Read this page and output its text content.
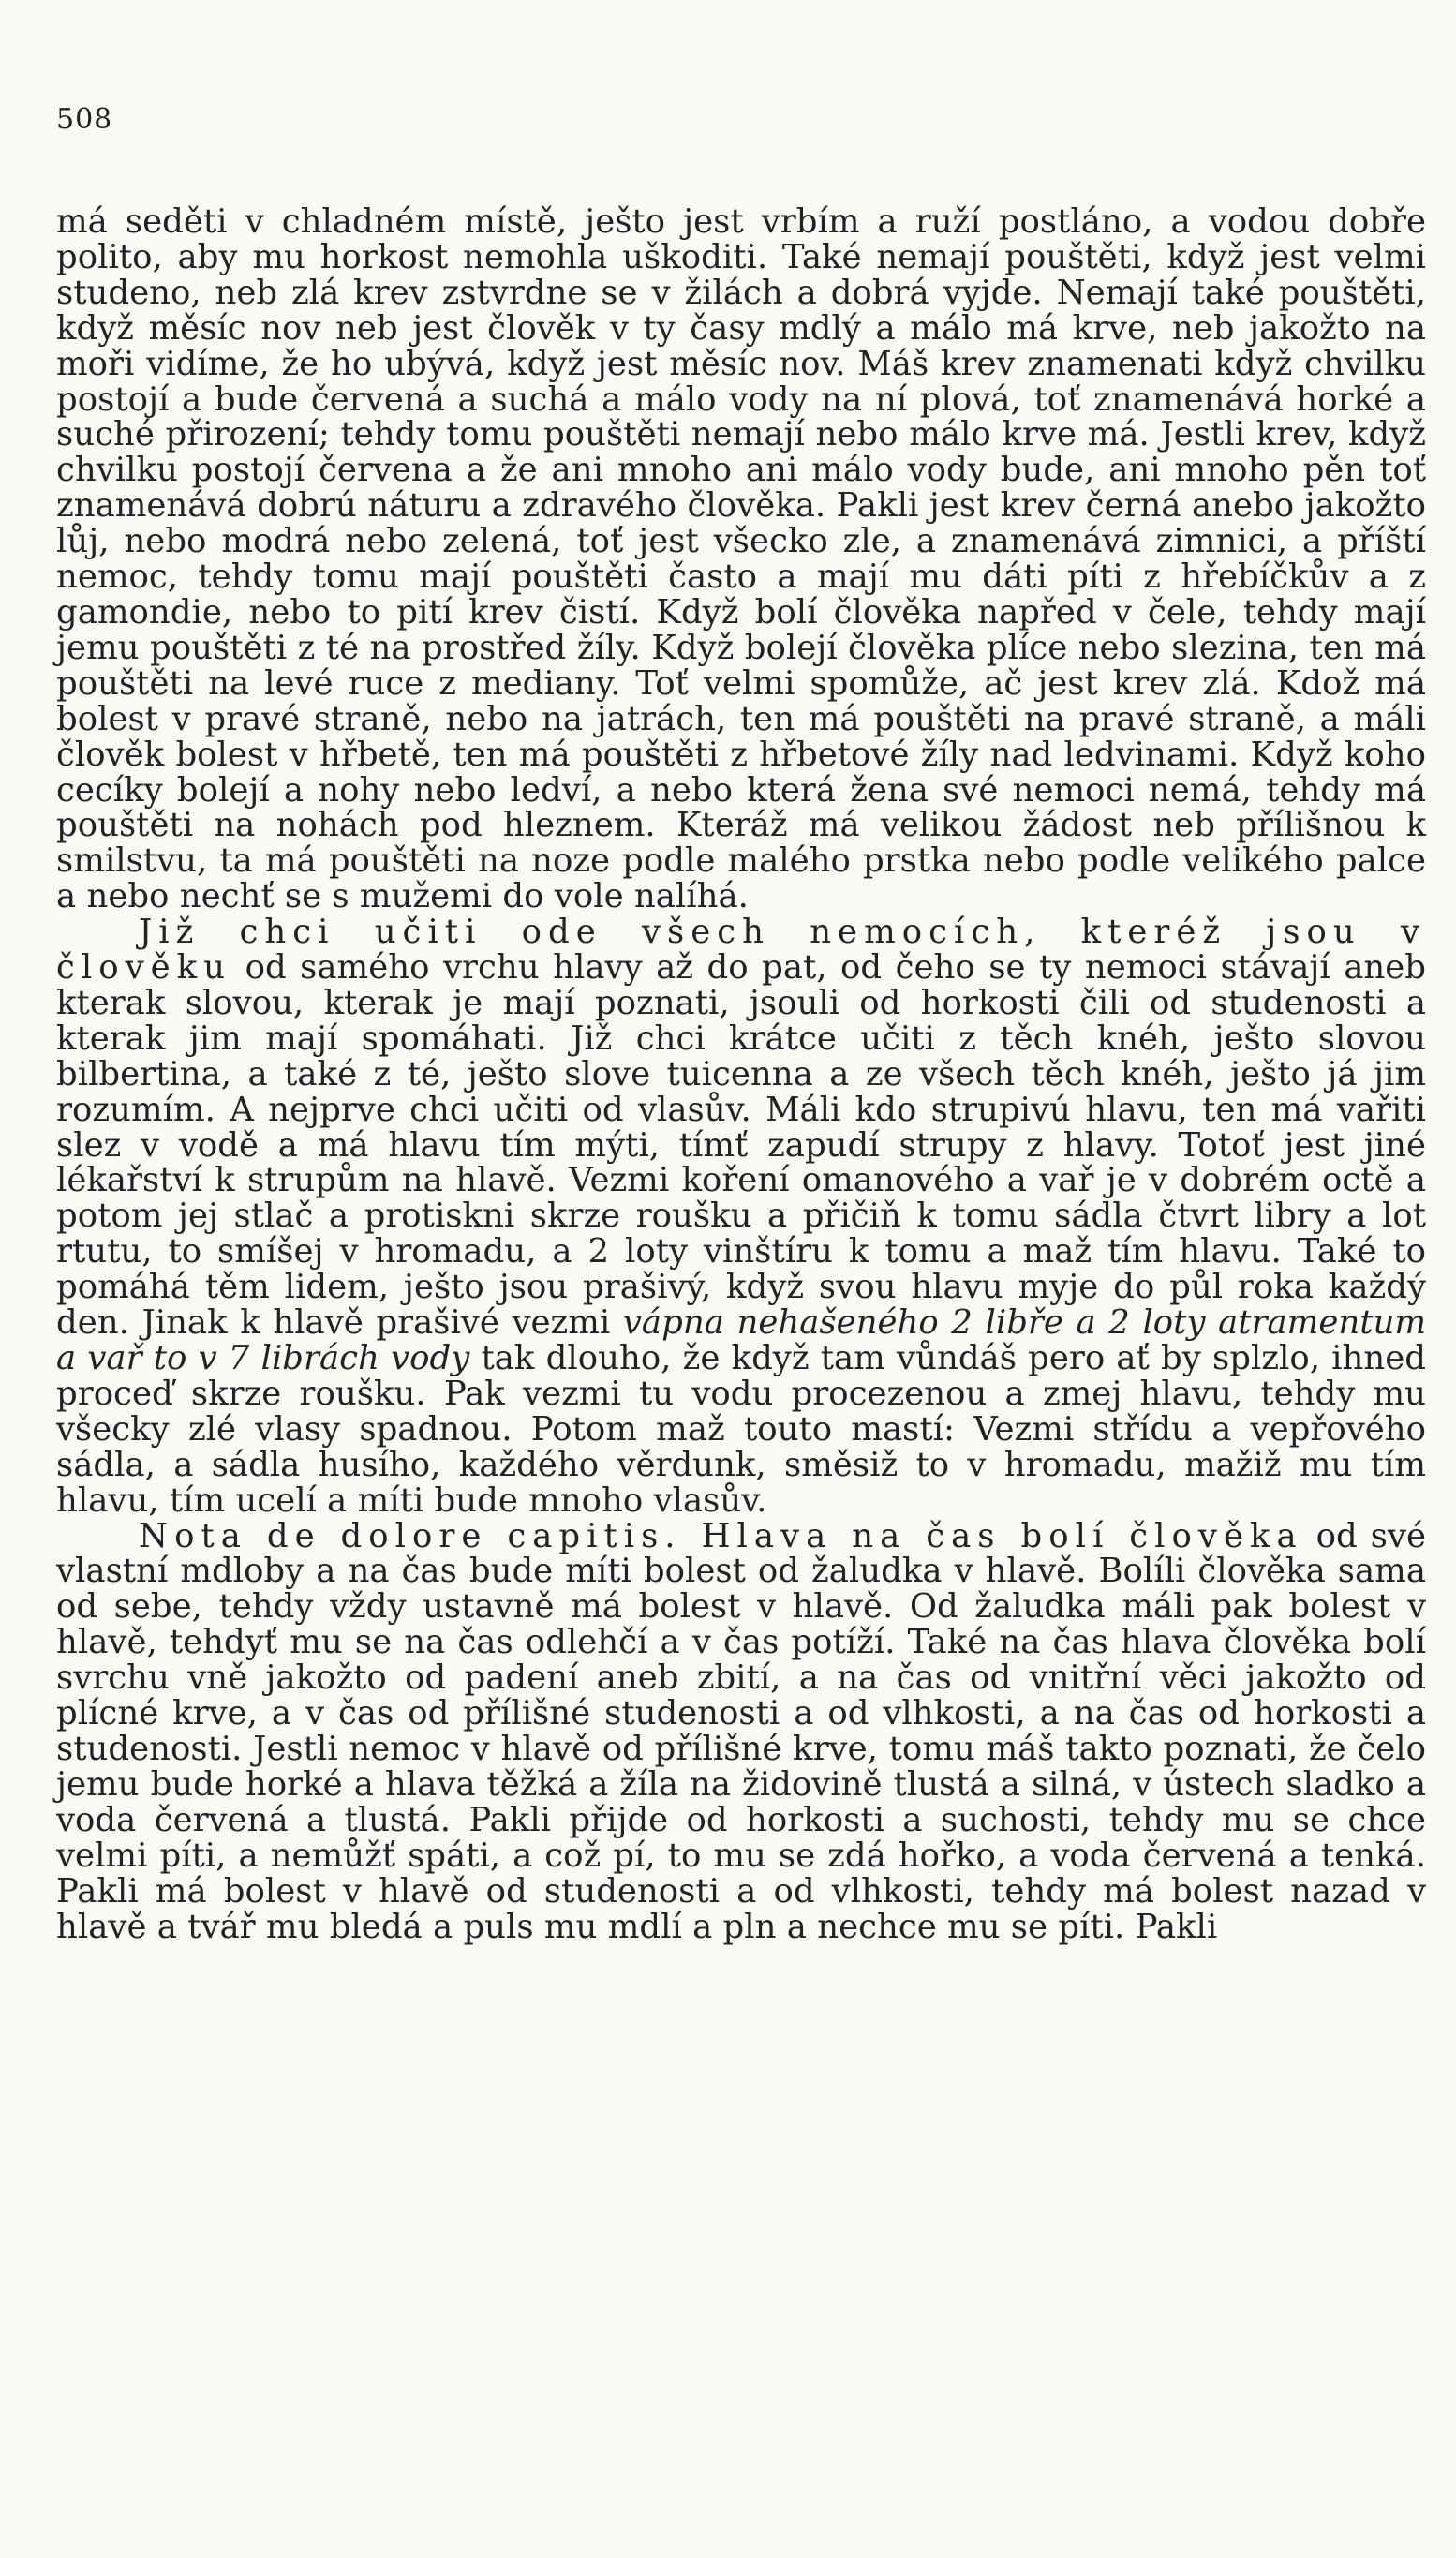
508

má seděti v chladném místě, ješto jest vrbím a ruží postláno, a vodou dobře polito, aby mu horkost nemohla uškoditi. Také nemají pouštěti, když jest velmi studeno, neb zlá krev zstvrdne se v žilách a dobrá vyjde. Nemají také pouštěti, když měsíc nov neb jest člověk v ty časy mdlý a málo má krve, neb jakožto na moři vidíme, že ho ubývá, když jest měsíc nov. Máš krev znamenati když chvilku postojí a bude červená a suchá a málo vody na ní plová, toť znamenává horké a suché přirození; tehdy tomu pouštěti nemají nebo málo krve má. Jestli krev, když chvilku postojí červena a že ani mnoho ani málo vody bude, ani mnoho pěn toť znamenává dobrú náturu a zdravého člověka. Pakli jest krev černá anebo jakožto lůj, nebo modrá nebo zelená, toť jest všecko zle, a znamenává zimnici, a příští nemoc, tehdy tomu mají pouštěti často a mají mu dáti píti z hřebíčkův a z gamondie, nebo to pití krev čistí. Když bolí člověka napřed v čele, tehdy mají jemu pouštěti z té na prostřed žíly. Když bolejí člověka plíce nebo slezina, ten má pouštěti na levé ruce z mediany. Toť velmi spomůže, ač jest krev zlá. Kdož má bolest v pravé straně, nebo na jatrách, ten má pouštěti na pravé straně, a máli člověk bolest v hřbetě, ten má pouštěti z hřbetové žíly nad ledvinami. Když koho cecíky bolejí a nohy nebo ledví, a nebo která žena své nemoci nemá, tehdy má pouštěti na nohách pod hleznem. Kteráž má velikou žádost neb přílišnou k smilstvu, ta má pouštěti na noze podle malého prstka nebo podle velikého palce a nebo nechť se s mužemi do vole nalíhá.

Již chci učiti ode všech nemocích, kteréž jsou v člověku od samého vrchu hlavy až do pat, od čeho se ty nemoci stávají aneb kterak slovou, kterak je mají poznati, jsouli od horkosti čili od studenosti a kterak jim mají spomáhati. Již chci krátce učiti z těch knéh, ješto slovou bilbertina, a také z té, ješto slove tuicenna a ze všech těch knéh, ješto já jim rozumím. A nejprve chci učiti od vlasův. Máli kdo strupivú hlavu, ten má vařiti slez v vodě a má hlavu tím mýti, tímť zapudí strupy z hlavy. Totoť jest jiné lékařství k strupům na hlavě. Vezmi koření omanového a vař je v dobrém octě a potom jej stlač a protiskni skrze roušku a přičiň k tomu sádla čtvrt libry a lot rtutu, to smíšej v hromadu, a 2 loty vinštíru k tomu a maž tím hlavu. Také to pomáhá těm lidem, ješto jsou prašivý, když svou hlavu myje do půl roka každý den. Jinak k hlavě prašivé vezmi vápna nehašeného 2 libře a 2 loty atramentum a vař to v 7 librách vody tak dlouho, že když tam vůndáš pero ať by splzlo, ihned proceď skrze roušku. Pak vezmi tu vodu procezenou a zmej hlavu, tehdy mu všecky zlé vlasy spadnou. Potom maž touto mastí: Vezmi střídu a vepřového sádla, a sádla husího, každého věrdunk, směsiž to v hromadu, mažiž mu tím hlavu, tím ucelí a míti bude mnoho vlasův.

Nota de dolore capitis. Hlava na čas bolí člověka od své vlastní mdloby a na čas bude míti bolest od žaludka v hlavě. Bolíli člověka sama od sebe, tehdy vždy ustavně má bolest v hlavě. Od žaludka máli pak bolest v hlavě, tehdyť mu se na čas odlehčí a v čas potíží. Také na čas hlava člověka bolí svrchu vně jakožto od padení aneb zbití, a na čas od vnitřní věci jakožto od plícné krve, a v čas od přílišné studenosti a od vlhkosti, a na čas od horkosti a studenosti. Jestli nemoc v hlavě od přílišné krve, tomu máš takto poznati, že čelo jemu bude horké a hlava těžká a žíla na židovině tlustá a silná, v ústech sladko a voda červená a tlustá. Pakli přijde od horkosti a suchosti, tehdy mu se chce velmi píti, a nemůžť spáti, a což pí, to mu se zdá hořko, a voda červená a tenká. Pakli má bolest v hlavě od studenosti a od vlhkosti, tehdy má bolest nazad v hlavě a tvář mu bledá a puls mu mdlí a pln a nechce mu se píti. Pakli
